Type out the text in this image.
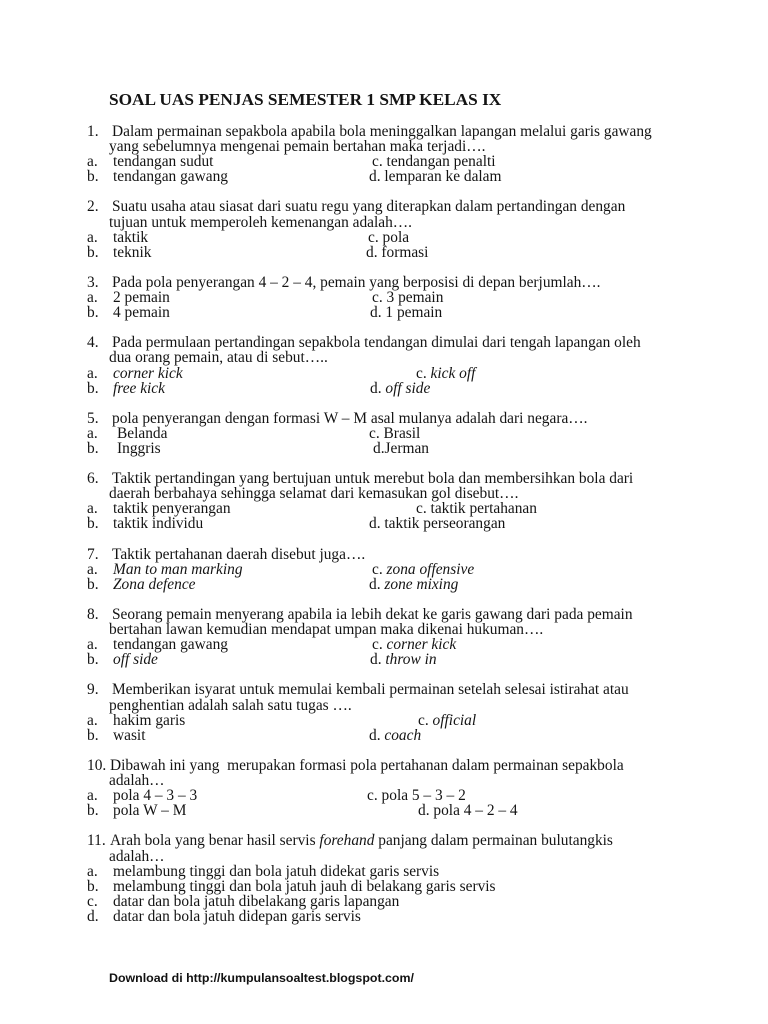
SOAL UAS PENJAS SEMESTER 1 SMP KELAS IX
1. Dalam permainan sepakbola apabila bola meninggalkan lapangan melalui garis gawang yang sebelumnya mengenai pemain bertahan maka terjadi….
a. tendangan sudut	c. tendangan penalti
b. tendangan gawang	d. lemparan ke dalam
2. Suatu usaha atau siasat dari suatu regu yang diterapkan dalam pertandingan dengan tujuan untuk memperoleh kemenangan adalah….
a. taktik	c. pola
b. teknik	d. formasi
3. Pada pola penyerangan 4 – 2 – 4, pemain yang berposisi di depan berjumlah….
a. 2 pemain	c. 3 pemain
b. 4 pemain	d. 1 pemain
4. Pada permulaan pertandingan sepakbola tendangan dimulai dari tengah lapangan oleh dua orang pemain, atau di sebut…..
a. corner kick	c. kick off
b. free kick	d. off side
5. pola penyerangan dengan formasi W – M asal mulanya adalah dari negara….
a. Belanda	c. Brasil
b. Inggris	d.Jerman
6. Taktik pertandingan yang bertujuan untuk merebut bola dan membersihkan bola dari daerah berbahaya sehingga selamat dari kemasukan gol disebut….
a. taktik penyerangan	c. taktik pertahanan
b. taktik individu	d. taktik perseorangan
7. Taktik pertahanan daerah disebut juga….
a. Man to man marking	c. zona offensive
b. Zona defence	d. zone mixing
8. Seorang pemain menyerang apabila ia lebih dekat ke garis gawang dari pada pemain bertahan lawan kemudian mendapat umpan maka dikenai hukuman….
a. tendangan gawang	c. corner kick
b. off side	d. throw in
9. Memberikan isyarat untuk memulai kembali permainan setelah selesai istirahat atau penghentian adalah salah satu tugas ….
a. hakim garis	c. official
b. wasit	d. coach
10. Dibawah ini yang  merupakan formasi pola pertahanan dalam permainan sepakbola adalah…
a. pola 4 – 3 – 3	c. pola 5 – 3 – 2
b. pola W – M	d. pola 4 – 2 – 4
11. Arah bola yang benar hasil servis forehand panjang dalam permainan bulutangkis adalah…
a. melambung tinggi dan bola jatuh didekat garis servis
b. melambung tinggi dan bola jatuh jauh di belakang garis servis
c. datar dan bola jatuh dibelakang garis lapangan
d. datar dan bola jatuh didepan garis servis
Download di http://kumpulansoaltest.blogspot.com/
